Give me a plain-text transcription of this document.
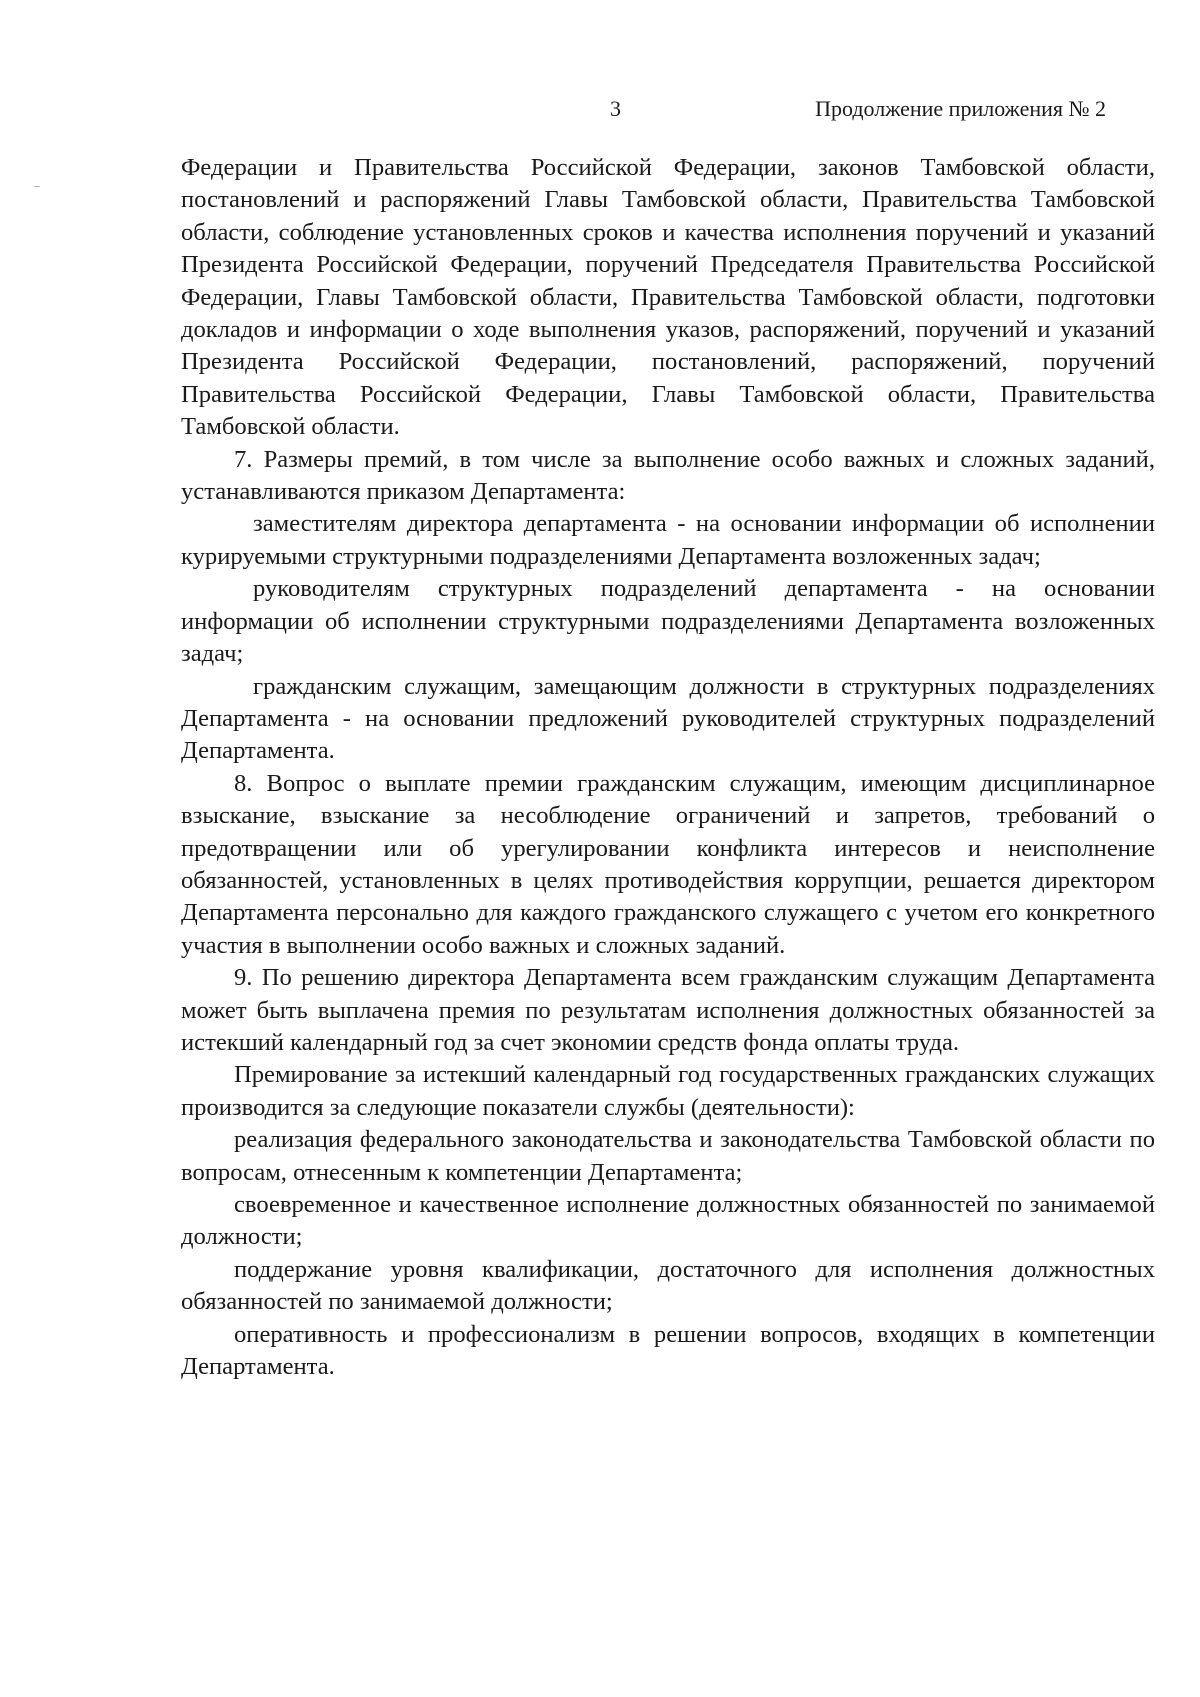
3	Продолжение приложения № 2

Федерации и Правительства Российской Федерации, законов Тамбовской области, постановлений и распоряжений Главы Тамбовской области, Правительства Тамбовской области, соблюдение установленных сроков и качества исполнения поручений и указаний Президента Российской Федерации, поручений Председателя Правительства Российской Федерации, Главы Тамбовской области, Правительства Тамбовской области, подготовки докладов и информации о ходе выполнения указов, распоряжений, поручений и указаний Президента Российской Федерации, постановлений, распоряжений, поручений Правительства Российской Федерации, Главы Тамбовской области, Правительства Тамбовской области.

7. Размеры премий, в том числе за выполнение особо важных и сложных заданий, устанавливаются приказом Департамента:

заместителям директора департамента - на основании информации об исполнении курируемыми структурными подразделениями Департамента возложенных задач;

руководителям структурных подразделений департамента - на основании информации об исполнении структурными подразделениями Департамента возложенных задач;

гражданским служащим, замещающим должности в структурных подразделениях Департамента - на основании предложений руководителей структурных подразделений Департамента.

8. Вопрос о выплате премии гражданским служащим, имеющим дисциплинарное взыскание, взыскание за несоблюдение ограничений и запретов, требований о предотвращении или об урегулировании конфликта интересов и неисполнение обязанностей, установленных в целях противодействия коррупции, решается директором Департамента персонально для каждого гражданского служащего с учетом его конкретного участия в выполнении особо важных и сложных заданий.

9. По решению директора Департамента всем гражданским служащим Департамента может быть выплачена премия по результатам исполнения должностных обязанностей за истекший календарный год за счет экономии средств фонда оплаты труда.

Премирование за истекший календарный год государственных гражданских служащих производится за следующие показатели службы (деятельности):

реализация федерального законодательства и законодательства Тамбовской области по вопросам, отнесенным к компетенции Департамента;

своевременное и качественное исполнение должностных обязанностей по занимаемой должности;

поддержание уровня квалификации, достаточного для исполнения должностных обязанностей по занимаемой должности;

оперативность и профессионализм в решении вопросов, входящих в компетенции Департамента.
